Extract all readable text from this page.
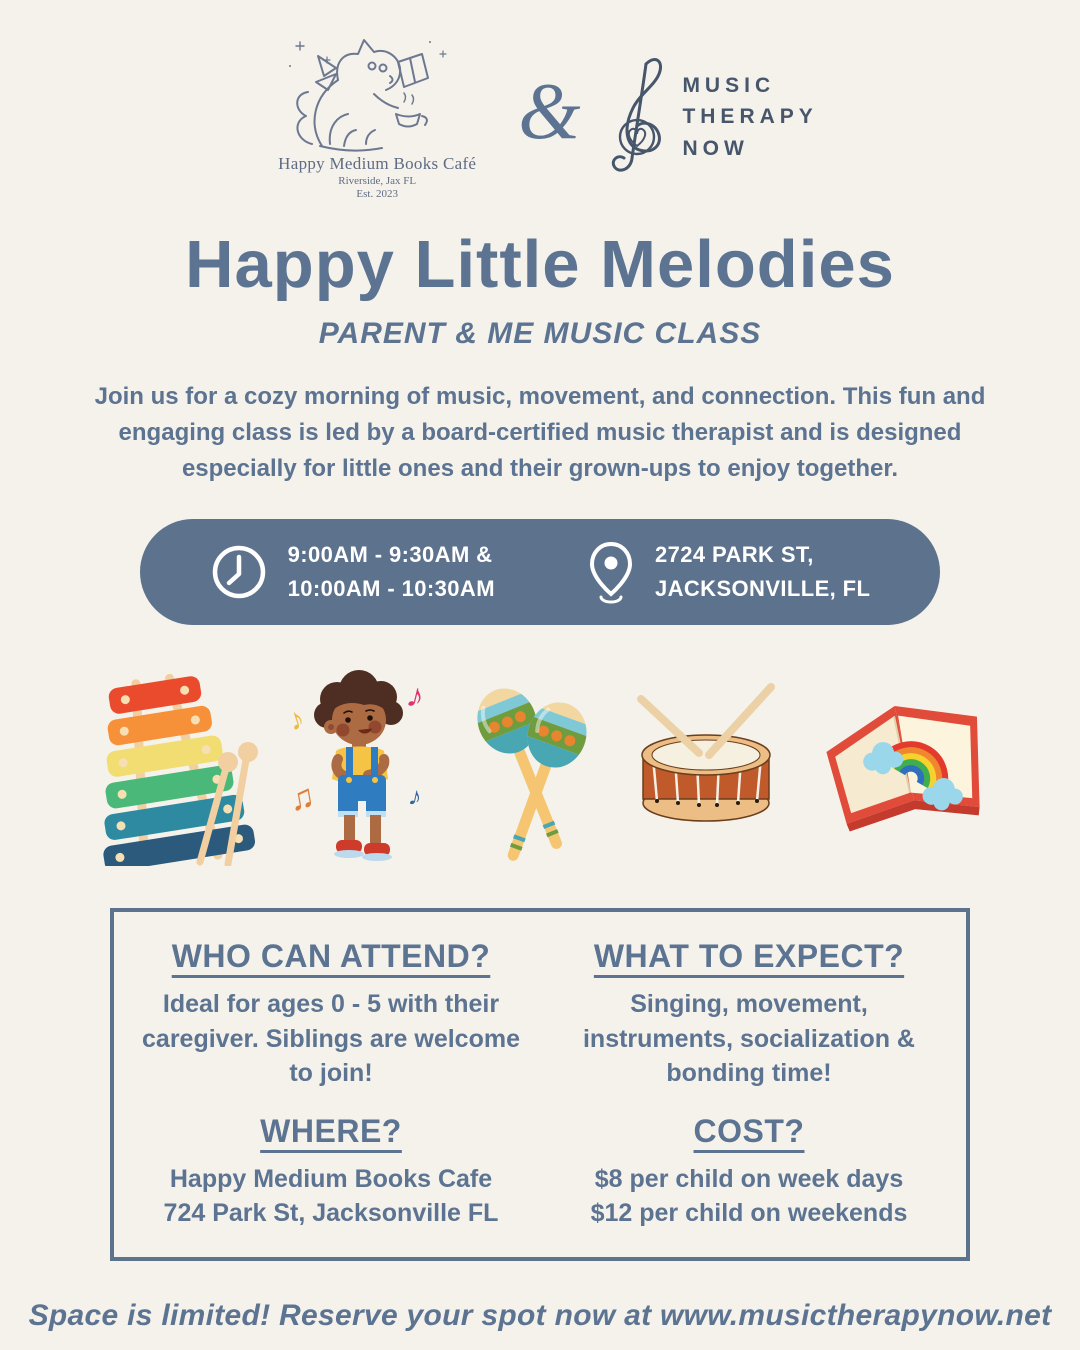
Happy Medium Books Café
Riverside, Jax FL
Est. 2023
&	MUSIC
THERAPY
NOW
Happy Little Melodies
PARENT & ME MUSIC CLASS

Join us for a cozy morning of music, movement, and connection. This fun and engaging class is led by a board-certified music therapist and is designed especially for little ones and their grown-ups to enjoy together.

9:00AM - 9:30AM &
10:00AM - 10:30AM
2724 PARK ST,
JACKSONVILLE, FL
♪
♪
♫	♪
WHO CAN ATTEND?

Ideal for ages 0 - 5 with their caregiver. Siblings are welcome to join!

WHAT TO EXPECT?

Singing, movement, instruments, socialization & bonding time!

WHERE?

Happy Medium Books Cafe
724 Park St, Jacksonville FL

COST?

$8 per child on week days
$12 per child on weekends

Space is limited! Reserve your spot now at www.musictherapynow.net
